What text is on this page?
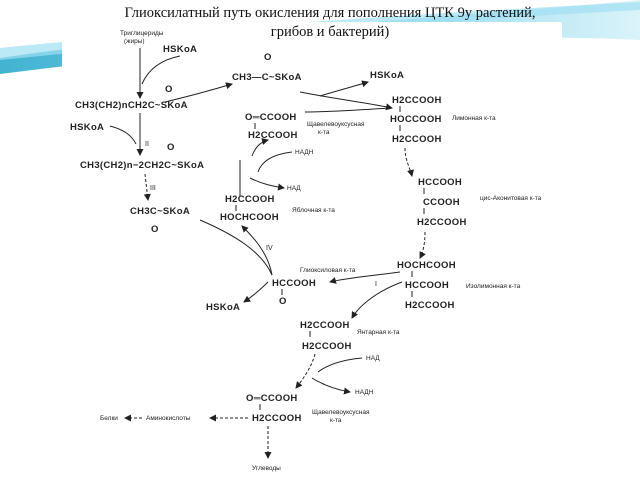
Глиоксилатный путь окисления для пополнения ЦТК 9у растений,
грибов и бактерий)
Триглицериды
(жиры)
HSKoA
O
CH3(CH2)nCH2C~SKoA
HSKoA
II O
CH3(CH2)n−2CH2C~SKoA
III
CH3C~SKoA
O
O
CH3—C~SKoA	HSKoA
O═CCOOH
H2CCOOH
Щавелевоуксусная
к-та
H2CCOOH
HOCCOOH
H2CCOOH
Лимонная к-та
НАДН
НАД
H2CCOOH
HOCHCOOH
Яблочная к-та
HCCOOH
CCOOH
H2CCOOH
цис-Аконитовая к-та
HOCHCOOH
HCCOOH
H2CCOOH
Изолимонная к-та
I
Глиоксиловая к-та
HCCOOH
O
IV
HSKoA
H2CCOOH
H2CCOOH
Янтарная к-та
НАД
НАДН
O═CCOOH
H2CCOOH
Щавелевоуксусная
к-та
Аминокислоты
Белки
Углеводы
